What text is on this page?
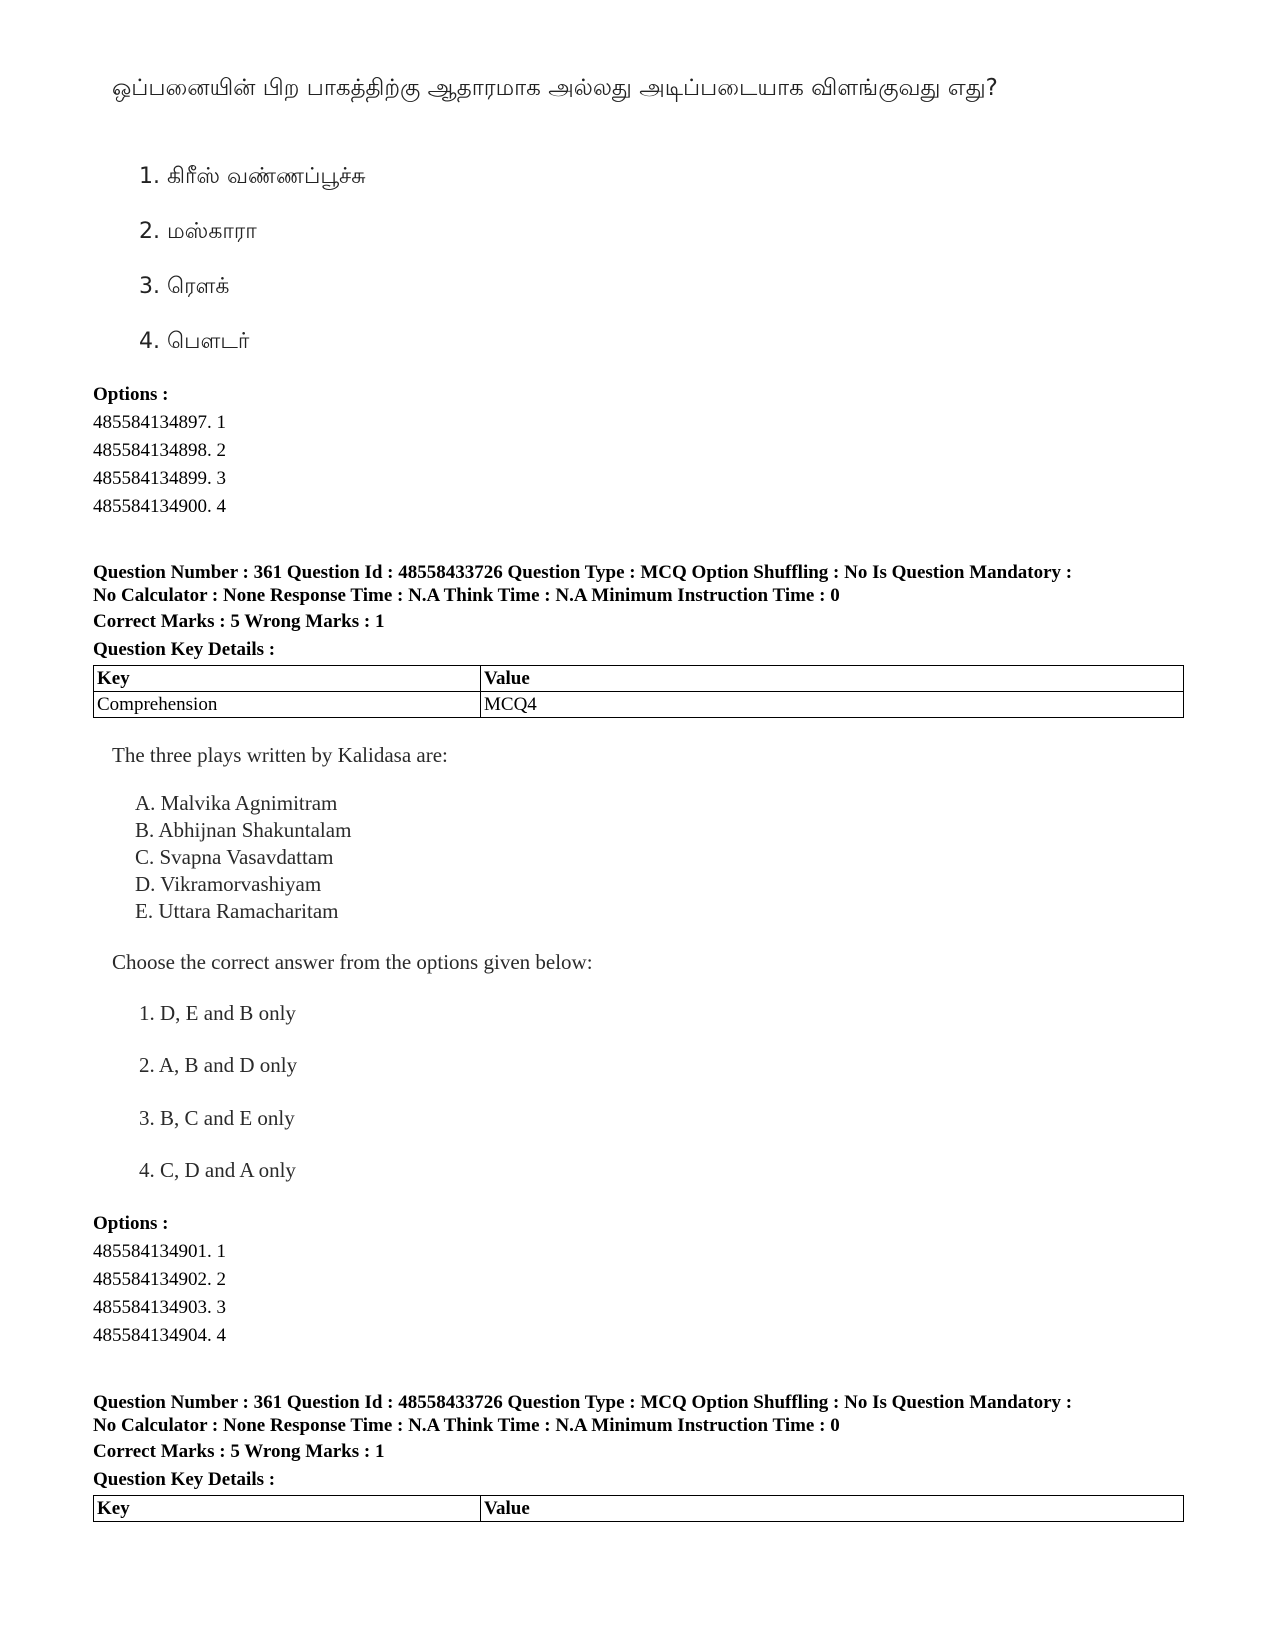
ஒப்பனையின் பிற பாகத்திற்கு ஆதாரமாக அல்லது அடிப்படையாக விளங்குவது எது?
1. கிரீஸ் வண்ணப்பூச்சு
2. மஸ்காரா
3. ரௌக்
4. பௌடர்
Options :
485584134897. 1
485584134898. 2
485584134899. 3
485584134900. 4
Question Number : 361 Question Id : 48558433726 Question Type : MCQ Option Shuffling : No Is Question Mandatory :
No Calculator : None Response Time : N.A Think Time : N.A Minimum Instruction Time : 0
Correct Marks : 5 Wrong Marks : 1
Question Key Details :
Key	Value
Comprehension	MCQ4
The three plays written by Kalidasa are:
A. Malvika Agnimitram
B. Abhijnan Shakuntalam
C. Svapna Vasavdattam
D. Vikramorvashiyam
E. Uttara Ramacharitam
Choose the correct answer from the options given below:
1. D, E and B only
2. A, B and D only
3. B, C and E only
4. C, D and A only
Options :
485584134901. 1
485584134902. 2
485584134903. 3
485584134904. 4
Question Number : 361 Question Id : 48558433726 Question Type : MCQ Option Shuffling : No Is Question Mandatory :
No Calculator : None Response Time : N.A Think Time : N.A Minimum Instruction Time : 0
Correct Marks : 5 Wrong Marks : 1
Question Key Details :
Key	Value
